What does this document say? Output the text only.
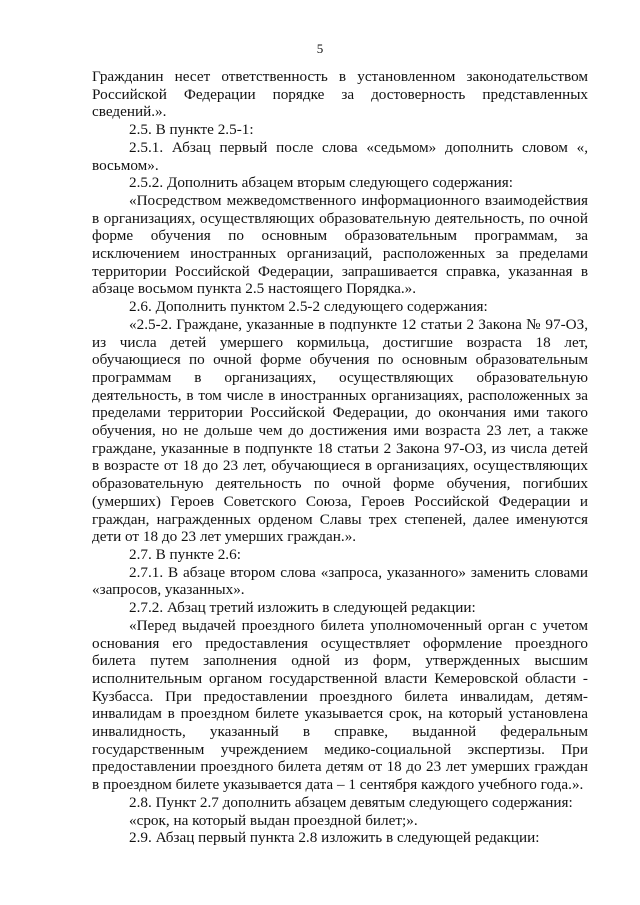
5

Гражданин несет ответственность в установленном законодательством Российской Федерации порядке за достоверность представленных сведений.».

2.5. В пункте 2.5-1:

2.5.1. Абзац первый после слова «седьмом» дополнить словом «, восьмом».

2.5.2. Дополнить абзацем вторым следующего содержания:

«Посредством межведомственного информационного взаимодействия в организациях, осуществляющих образовательную деятельность, по очной форме обучения по основным образовательным программам, за исключением иностранных организаций, расположенных за пределами территории Российской Федерации, запрашивается справка, указанная в абзаце восьмом пункта 2.5 настоящего Порядка.».

2.6. Дополнить пунктом 2.5-2 следующего содержания:

«2.5-2. Граждане, указанные в подпункте 12 статьи 2 Закона № 97-ОЗ, из числа детей умершего кормильца, достигшие возраста 18 лет, обучающиеся по очной форме обучения по основным образовательным программам в организациях, осуществляющих образовательную деятельность, в том числе в иностранных организациях, расположенных за пределами территории Российской Федерации, до окончания ими такого обучения, но не дольше чем до достижения ими возраста 23 лет, а также граждане, указанные в подпункте 18 статьи 2 Закона 97-ОЗ, из числа детей в возрасте от 18 до 23 лет, обучающиеся в организациях, осуществляющих образовательную деятельность по очной форме обучения, погибших (умерших) Героев Советского Союза, Героев Российской Федерации и граждан, награжденных орденом Славы трех степеней, далее именуются дети от 18 до 23 лет умерших граждан.».

2.7. В пункте 2.6:

2.7.1. В абзаце втором слова «запроса, указанного» заменить словами «запросов, указанных».

2.7.2. Абзац третий изложить в следующей редакции:

«Перед выдачей проездного билета уполномоченный орган с учетом основания его предоставления осуществляет оформление проездного билета путем заполнения одной из форм, утвержденных высшим исполнительным органом государственной власти Кемеровской области - Кузбасса. При предоставлении проездного билета инвалидам, детям-инвалидам в проездном билете указывается срок, на который установлена инвалидность, указанный в справке, выданной федеральным государственным учреждением медико-социальной экспертизы. При предоставлении проездного билета детям от 18 до 23 лет умерших граждан в проездном билете указывается дата – 1 сентября каждого учебного года.».

2.8. Пункт 2.7 дополнить абзацем девятым следующего содержания:

«срок, на который выдан проездной билет;».

2.9. Абзац первый пункта 2.8 изложить в следующей редакции:
